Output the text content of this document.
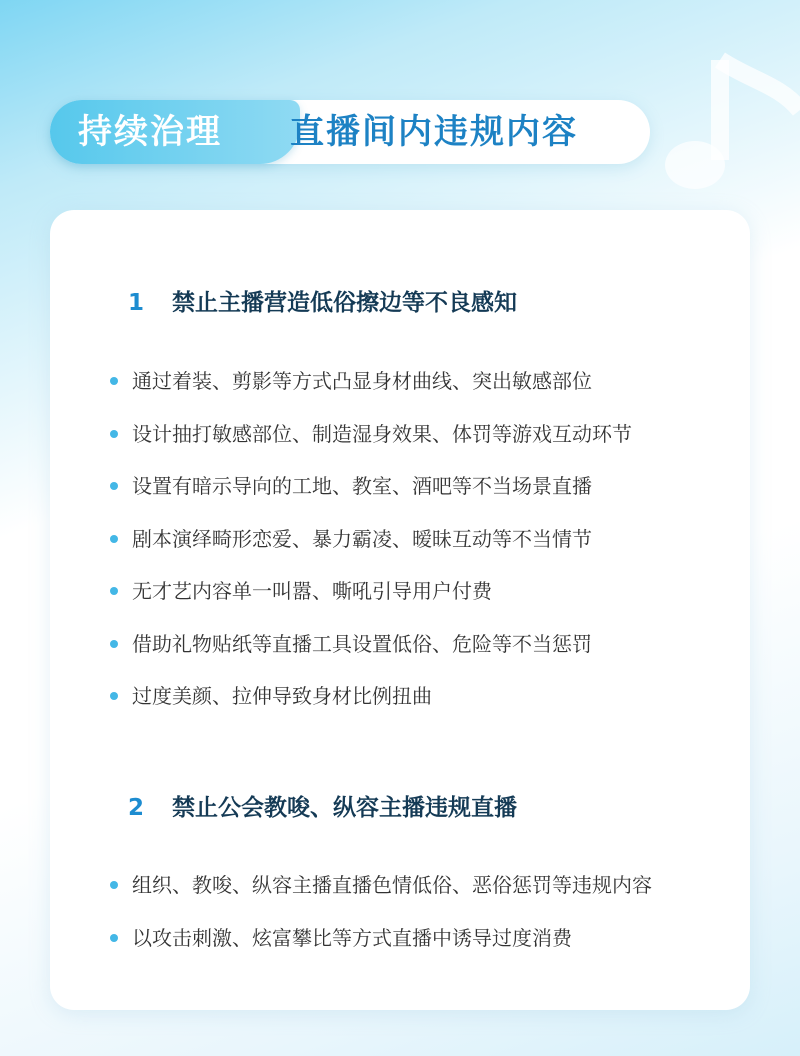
持续治理 直播间内违规内容
1	禁止主播营造低俗擦边等不良感知
通过着装、剪影等方式凸显身材曲线、突出敏感部位
设计抽打敏感部位、制造湿身效果、体罚等游戏互动环节
设置有暗示导向的工地、教室、酒吧等不当场景直播
剧本演绎畸形恋爱、暴力霸凌、暧昧互动等不当情节
无才艺内容单一叫嚣、嘶吼引导用户付费
借助礼物贴纸等直播工具设置低俗、危险等不当惩罚
过度美颜、拉伸导致身材比例扭曲
2	禁止公会教唆、纵容主播违规直播
组织、教唆、纵容主播直播色情低俗、恶俗惩罚等违规内容
以攻击刺激、炫富攀比等方式直播中诱导过度消费
